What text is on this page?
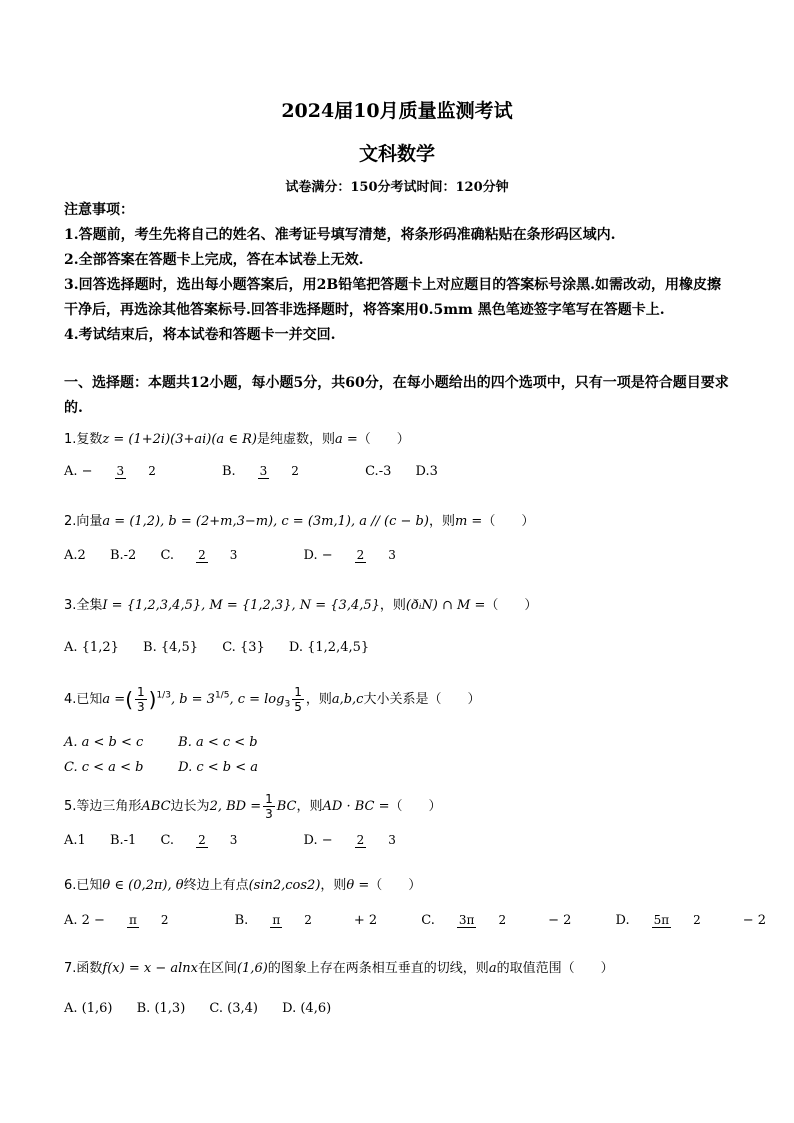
2024届10月质量监测考试
文科数学
试卷满分：150分考试时间：120分钟
注意事项：
1.答题前，考生先将自己的姓名、准考证号填写清楚，将条形码准确粘贴在条形码区域内.
2.全部答案在答题卡上完成，答在本试卷上无效.
3.回答选择题时，选出每小题答案后，用2B铅笔把答题卡上对应题目的答案标号涂黑.如需改动，用橡皮擦干净后，再选涂其他答案标号.回答非选择题时，将答案用0.5mm 黑色笔迹签字笔写在答题卡上.
4.考试结束后，将本试卷和答题卡一并交回.
一、选择题：本题共12小题，每小题5分，共60分，在每小题给出的四个选项中，只有一项是符合题目要求的.
1.复数z = (1+2i)(3+ai)(a ∈ R)是纯虚数，则a =（　　）
A. − 3 2	B. 3 2	C.-3 D.3
2.向量a = (1,2), b = (2+m,3−m), c = (3m,1), a // (c − b)，则m =（　　）
A.2 B.-2 C. 2 3	D. − 2 3
3.全集I = {1,2,3,4,5}, M = {1,2,3}, N = {3,4,5}，则(ðᵢN) ∩ M =（　　）
A. {1,2} B. {4,5} C. {3} D. {1,2,4,5}
4.已知a =( $\frac{1}{3} )^{1/3}$, $b = 3^{1/5}$, $c = \log_3 \frac{1}{5}$ ，则a,b,c大小关系是（　　）
A. a < b < c	B. a < c < b
C. c < a < b	D. c < b < a
5.等边三角形ABC边长为2, BD = $\frac{1}{3}$ BC，则AD · BC =（　　）
A.1 B.-1 C. 2 3	D. − 2 3
6.已知θ ∈ (0,2π), θ终边上有点(sin2,cos2)，则θ =（　　）
A. 2 − π 2	B. π 2	+ 2	C. 3π 2	− 2	D. 5π 2	− 2
7.函数f(x) = x − alnx在区间(1,6)的图象上存在两条相互垂直的切线，则a的取值范围（　　）
A. (1,6) B. (1,3) C. (3,4) D. (4,6)
